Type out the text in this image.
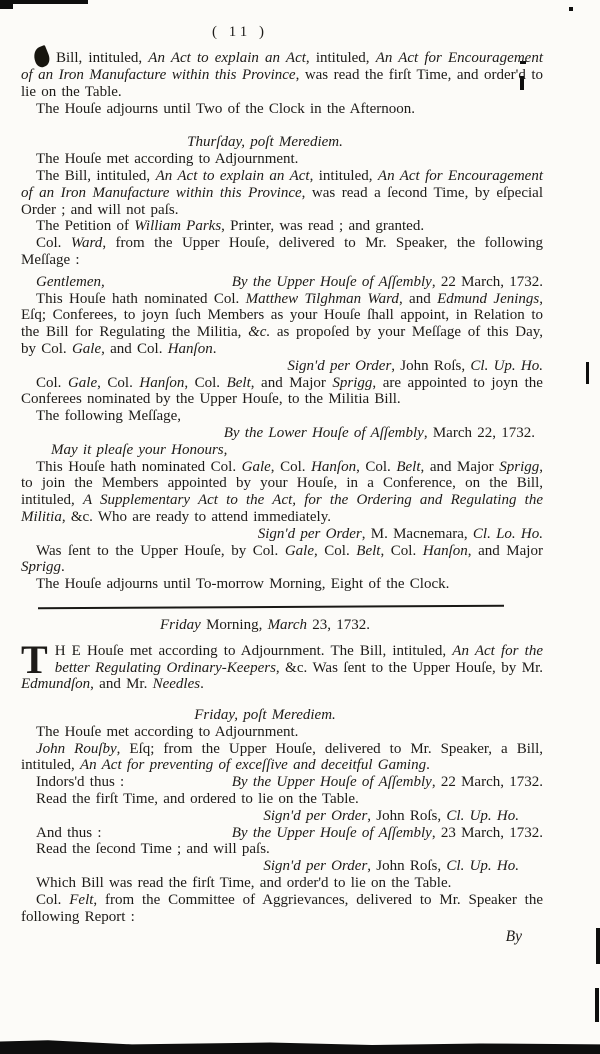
( 11 )
Bill, intituled, An Act to explain an Act, intituled, An Act for Encouragement of an Iron Manufacture within this Province, was read the firſt Time, and order'd to lie on the Table.
The Houſe adjourns until Two of the Clock in the Afternoon.
Thurſday, poſt Merediem.
The Houſe met according to Adjournment.
The Bill, intituled, An Act to explain an Act, intituled, An Act for Encouragement of an Iron Manufacture within this Province, was read a ſecond Time, by eſpecial Order ; and will not paſs.
The Petition of William Parks, Printer, was read ; and granted.
Col. Ward, from the Upper Houſe, delivered to Mr. Speaker, the following Meſſage :
Gentlemen,	By the Upper Houſe of Aſſembly, 22 March, 1732.
This Houſe hath nominated Col. Matthew Tilghman Ward, and Edmund Jenings, Eſq; Conferees, to joyn ſuch Members as your Houſe ſhall appoint, in Relation to the Bill for Regulating the Militia, &c. as propoſed by your Meſſage of this Day, by Col. Gale, and Col. Hanſon.
Sign'd per Order, John Roſs, Cl. Up. Ho.
Col. Gale, Col. Hanſon, Col. Belt, and Major Sprigg, are appointed to joyn the Conferees nominated by the Upper Houſe, to the Militia Bill.
The following Meſſage,
By the Lower Houſe of Aſſembly, March 22, 1732.
May it pleaſe your Honours,
This Houſe hath nominated Col. Gale, Col. Hanſon, Col. Belt, and Major Sprigg, to join the Members appointed by your Houſe, in a Conference, on the Bill, intituled, A Supplementary Act to the Act, for the Ordering and Regulating the Militia, &c. Who are ready to attend immediately.
Sign'd per Order, M. Macnemara, Cl. Lo. Ho.
Was ſent to the Upper Houſe, by Col. Gale, Col. Belt, Col. Hanſon, and Major Sprigg.
The Houſe adjourns until To-morrow Morning, Eight of the Clock.
Friday Morning, March 23, 1732.
T H E Houſe met according to Adjournment. The Bill, intituled, An Act for the better Regulating Ordinary-Keepers, &c. Was ſent to the Upper Houſe, by Mr. Edmundſon, and Mr. Needles.
Friday, poſt Merediem.
The Houſe met according to Adjournment.
John Rouſby, Eſq; from the Upper Houſe, delivered to Mr. Speaker, a Bill, intituled, An Act for preventing of exceſſive and deceitful Gaming.
Indors'd thus :	By the Upper Houſe of Aſſembly, 22 March, 1732.
Read the firſt Time, and ordered to lie on the Table.
Sign'd per Order, John Roſs, Cl. Up. Ho.
And thus :	By the Upper Houſe of Aſſembly, 23 March, 1732.
Read the ſecond Time ; and will paſs.
Sign'd per Order, John Roſs, Cl. Up. Ho.
Which Bill was read the firſt Time, and order'd to lie on the Table.
Col. Felt, from the Committee of Aggrievances, delivered to Mr. Speaker the following Report :
By
